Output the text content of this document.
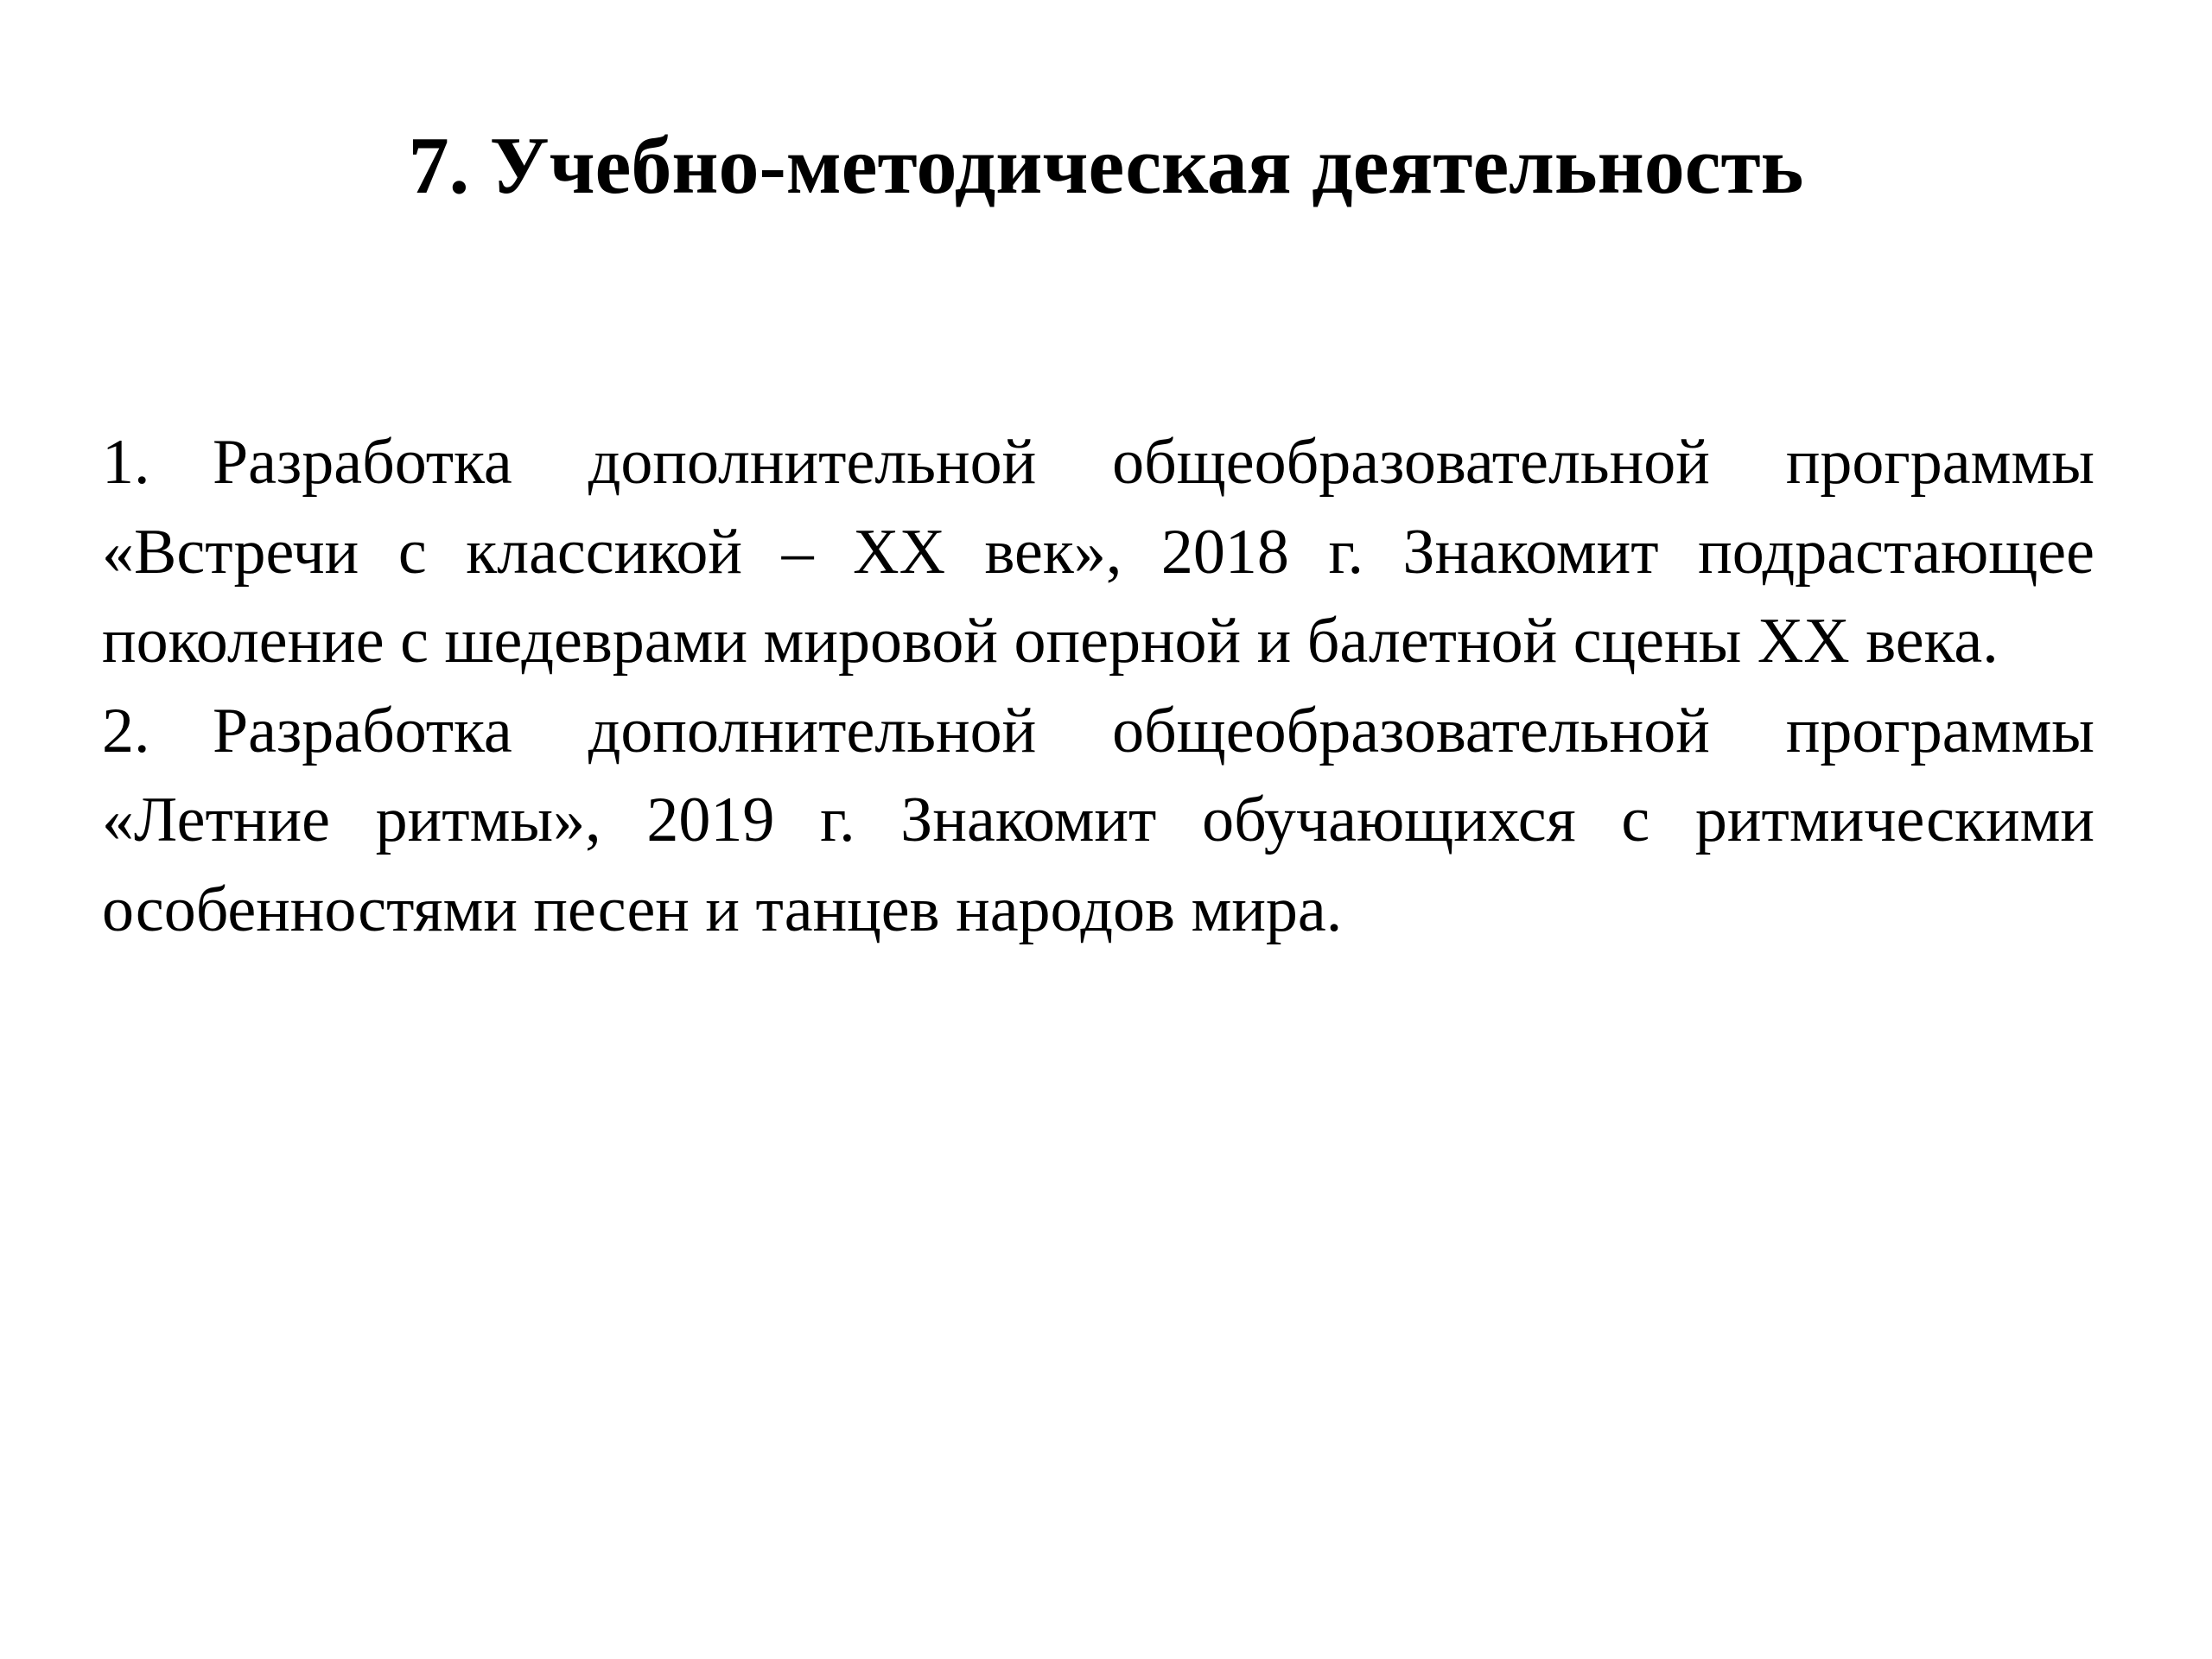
7. Учебно-методическая деятельность

1. Разработка дополнительной общеобразовательной программы «Встречи с классикой – ХХ век», 2018 г. Знакомит подрастающее поколение с шедеврами мировой оперной и балетной сцены ХХ века.

2. Разработка дополнительной общеобразовательной программы «Летние ритмы», 2019 г. Знакомит обучающихся с ритмическими особенностями песен и танцев народов мира.
